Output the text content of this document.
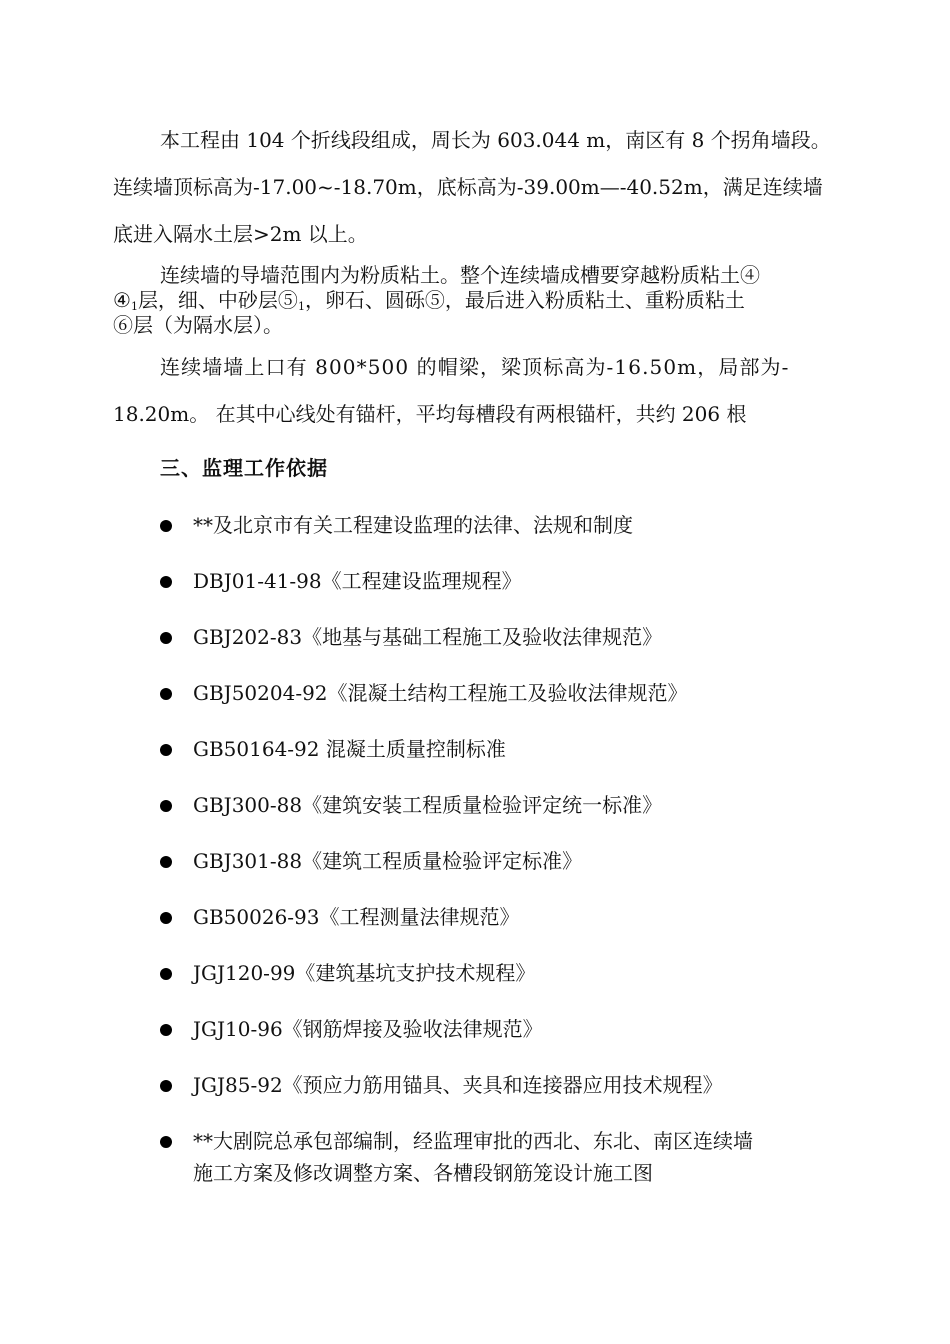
本工程由 104 个折线段组成，周长为 603.044 m，南区有 8 个拐角墙段。
连续墙顶标高为-17.00~-18.70m，底标高为-39.00m—-40.52m，满足连续墙
底进入隔水土层>2m 以上。
连续墙的导墙范围内为粉质粘土。整个连续墙成槽要穿越粉质粘土④
$④_1$层，细、中砂层$⑤_1$，卵石、圆砾⑤，最后进入粉质粘土、重粉质粘土
⑥层（为隔水层）。
连续墙墙上口有 800*500 的帽梁，梁顶标高为-16.50m，局部为-
18.20m。 在其中心线处有锚杆，平均每槽段有两根锚杆，共约 206 根
三、监理工作依据
**及北京市有关工程建设监理的法律、法规和制度
DBJ01-41-98《工程建设监理规程》
GBJ202-83《地基与基础工程施工及验收法律规范》
GBJ50204-92《混凝土结构工程施工及验收法律规范》
GB50164-92 混凝土质量控制标准
GBJ300-88《建筑安装工程质量检验评定统一标准》
GBJ301-88《建筑工程质量检验评定标准》
GB50026-93《工程测量法律规范》
JGJ120-99《建筑基坑支护技术规程》
JGJ10-96《钢筋焊接及验收法律规范》
JGJ85-92《预应力筋用锚具、夹具和连接器应用技术规程》
**大剧院总承包部编制，经监理审批的西北、东北、南区连续墙
施工方案及修改调整方案、各槽段钢筋笼设计施工图
